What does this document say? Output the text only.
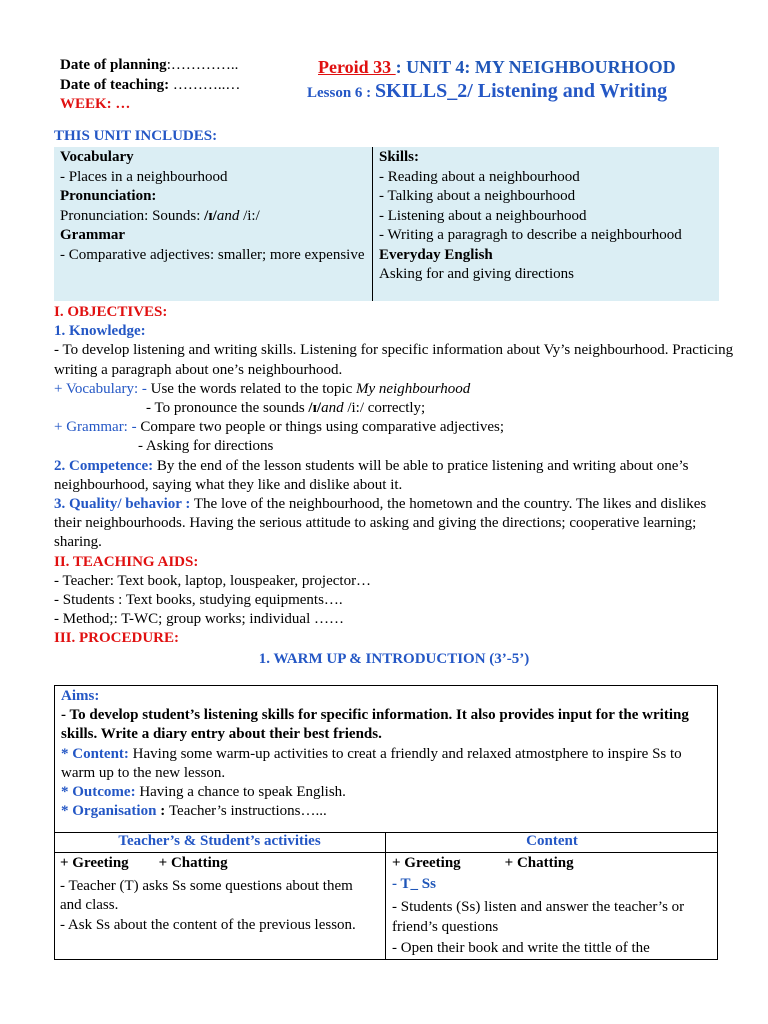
Date of planning:…………..
Date of teaching: ………..…
WEEK: …
Peroid 33 : UNIT 4: MY NEIGHBOURHOOD
Lesson 6 : SKILLS_2/ Listening and Writing
THIS UNIT INCLUDES:
Vocabulary
- Places in a neighbourhood
Pronunciation:
Pronunciation: Sounds: /ɪ/and /i:/
Grammar
- Comparative adjectives: smaller; more expensive
Skills:
- Reading about a neighbourhood
- Talking about a neighbourhood
- Listening about a neighbourhood
- Writing a paragragh to describe a neighbourhood
Everyday English
Asking for and giving directions

I. OBJECTIVES:

1. Knowledge:

- To develop listening and writing skills. Listening for specific information about Vy’s neighbourhood. Practicing writing a paragraph about one’s neighbourhood.

+ Vocabulary: - Use the words related to the topic My neighbourhood

- To pronounce the sounds /ɪ/and /i:/ correctly;

+ Grammar: - Compare two people or things using comparative adjectives;

- Asking for directions

2. Competence: By the end of the lesson students will be able to pratice listening and writing about one’s neighbourhood, saying what they like and dislike about it.

3. Quality/ behavior : The love of the neighbourhood, the hometown and the country. The likes and dislikes their neighbourhoods. Having the serious attitude to asking and giving the directions; cooperative learning; sharing.

II. TEACHING AIDS:

- Teacher: Text book, laptop, louspeaker, projector…

- Students : Text books, studying equipments….

- Method;: T-WC; group works; individual ……

III. PROCEDURE:

1. WARM UP & INTRODUCTION (3’-5’)

Aims:

- To develop student’s listening skills for specific information. It also provides input for the writing skills. Write a diary entry about their best friends.

* Content: Having some warm-up activities to creat a friendly and relaxed atmostphere to inspire Ss to warm up to the new lesson.

* Outcome: Having a chance to speak English.

* Organisation : Teacher’s instructions…...

Teacher’s & Student’s activities	Content
+ Greeting + Chatting
- Teacher (T) asks Ss some questions about them and class.
- Ask Ss about the content of the previous lesson.
+ Greeting	+ Chatting
- T_ Ss
- Students (Ss) listen and answer the teacher’s or friend’s questions
- Open their book and write the tittle of the
